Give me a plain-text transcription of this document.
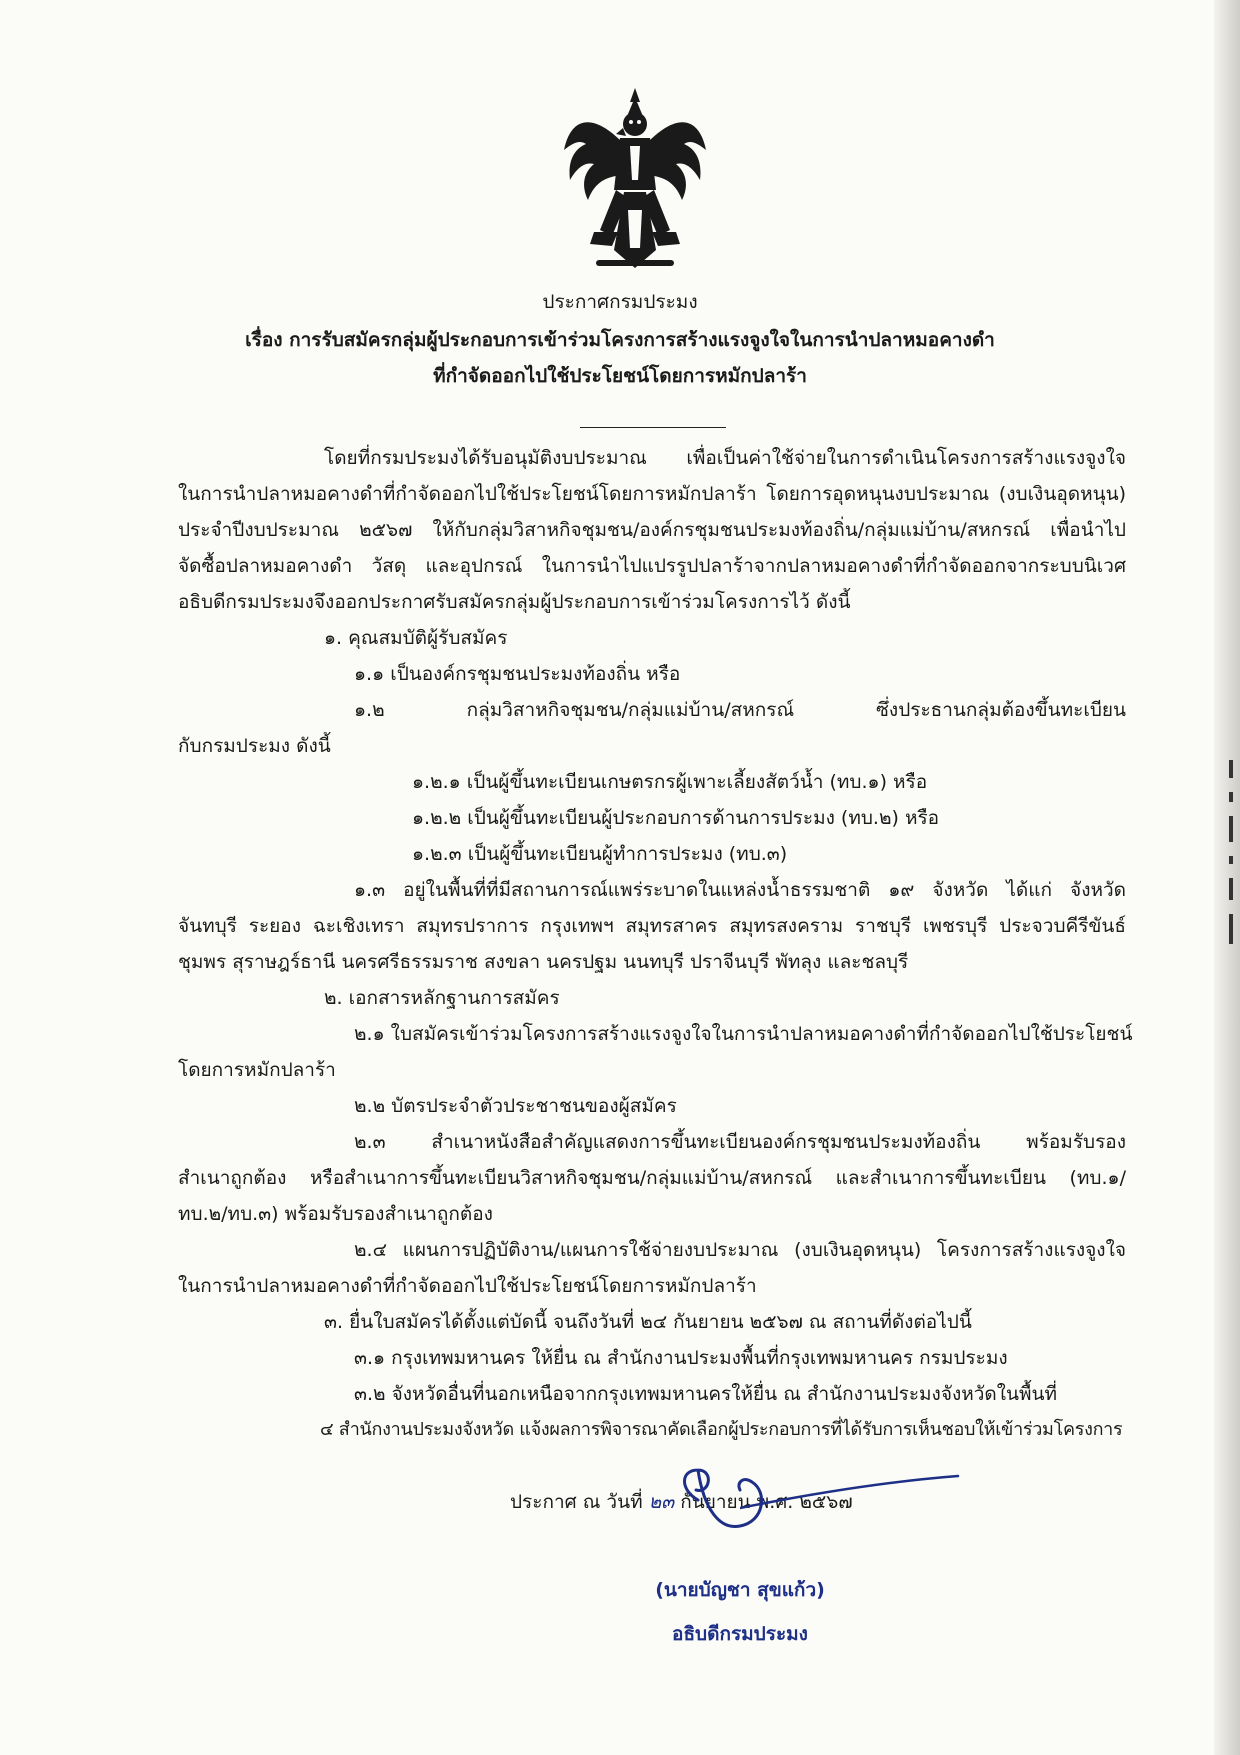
ประกาศกรมประมง
เรื่อง การรับสมัครกลุ่มผู้ประกอบการเข้าร่วมโครงการสร้างแรงจูงใจในการนำปลาหมอคางดำ
ที่กำจัดออกไปใช้ประโยชน์โดยการหมักปลาร้า
โดยที่กรมประมงได้รับอนุมัติงบประมาณ เพื่อเป็นค่าใช้จ่ายในการดำเนินโครงการสร้างแรงจูงใจ
ในการนำปลาหมอคางดำที่กำจัดออกไปใช้ประโยชน์โดยการหมักปลาร้า โดยการอุดหนุนงบประมาณ (งบเงินอุดหนุน)
ประจำปีงบประมาณ ๒๕๖๗ ให้กับกลุ่มวิสาหกิจชุมชน/องค์กรชุมชนประมงท้องถิ่น/กลุ่มแม่บ้าน/สหกรณ์ เพื่อนำไป
จัดซื้อปลาหมอคางดำ วัสดุ และอุปกรณ์ ในการนำไปแปรรูปปลาร้าจากปลาหมอคางดำที่กำจัดออกจากระบบนิเวศ
อธิบดีกรมประมงจึงออกประกาศรับสมัครกลุ่มผู้ประกอบการเข้าร่วมโครงการไว้ ดังนี้
๑. คุณสมบัติผู้รับสมัคร
๑.๑ เป็นองค์กรชุมชนประมงท้องถิ่น หรือ
๑.๒ กลุ่มวิสาหกิจชุมชน/กลุ่มแม่บ้าน/สหกรณ์ ซึ่งประธานกลุ่มต้องขึ้นทะเบียน
กับกรมประมง ดังนี้
๑.๒.๑ เป็นผู้ขึ้นทะเบียนเกษตรกรผู้เพาะเลี้ยงสัตว์น้ำ (ทบ.๑) หรือ
๑.๒.๒ เป็นผู้ขึ้นทะเบียนผู้ประกอบการด้านการประมง (ทบ.๒) หรือ
๑.๒.๓ เป็นผู้ขึ้นทะเบียนผู้ทำการประมง (ทบ.๓)
๑.๓ อยู่ในพื้นที่ที่มีสถานการณ์แพร่ระบาดในแหล่งน้ำธรรมชาติ ๑๙ จังหวัด ได้แก่ จังหวัด
จันทบุรี ระยอง ฉะเชิงเทรา สมุทรปราการ กรุงเทพฯ สมุทรสาคร สมุทรสงคราม ราชบุรี เพชรบุรี ประจวบคีรีขันธ์
ชุมพร สุราษฎร์ธานี นครศรีธรรมราช สงขลา นครปฐม นนทบุรี ปราจีนบุรี พัทลุง และชลบุรี
๒. เอกสารหลักฐานการสมัคร
๒.๑ ใบสมัครเข้าร่วมโครงการสร้างแรงจูงใจในการนำปลาหมอคางดำที่กำจัดออกไปใช้ประโยชน์
โดยการหมักปลาร้า
๒.๒ บัตรประจำตัวประชาชนของผู้สมัคร
๒.๓ สำเนาหนังสือสำคัญแสดงการขึ้นทะเบียนองค์กรชุมชนประมงท้องถิ่น พร้อมรับรอง
สำเนาถูกต้อง หรือสำเนาการขึ้นทะเบียนวิสาหกิจชุมชน/กลุ่มแม่บ้าน/สหกรณ์ และสำเนาการขึ้นทะเบียน (ทบ.๑/
ทบ.๒/ทบ.๓) พร้อมรับรองสำเนาถูกต้อง
๒.๔ แผนการปฏิบัติงาน/แผนการใช้จ่ายงบประมาณ (งบเงินอุดหนุน) โครงการสร้างแรงจูงใจ
ในการนำปลาหมอคางดำที่กำจัดออกไปใช้ประโยชน์โดยการหมักปลาร้า
๓. ยื่นใบสมัครได้ตั้งแต่บัดนี้ จนถึงวันที่ ๒๔ กันยายน ๒๕๖๗ ณ สถานที่ดังต่อไปนี้
๓.๑ กรุงเทพมหานคร ให้ยื่น ณ สำนักงานประมงพื้นที่กรุงเทพมหานคร กรมประมง
๓.๒ จังหวัดอื่นที่นอกเหนือจากกรุงเทพมหานครให้ยื่น ณ สำนักงานประมงจังหวัดในพื้นที่
๔ สำนักงานประมงจังหวัด แจ้งผลการพิจารณาคัดเลือกผู้ประกอบการที่ได้รับการเห็นชอบให้เข้าร่วมโครงการ
ประกาศ ณ วันที่ ๒๓ กันยายน พ.ศ. ๒๕๖๗
(นายบัญชา สุขแก้ว)
อธิบดีกรมประมง
